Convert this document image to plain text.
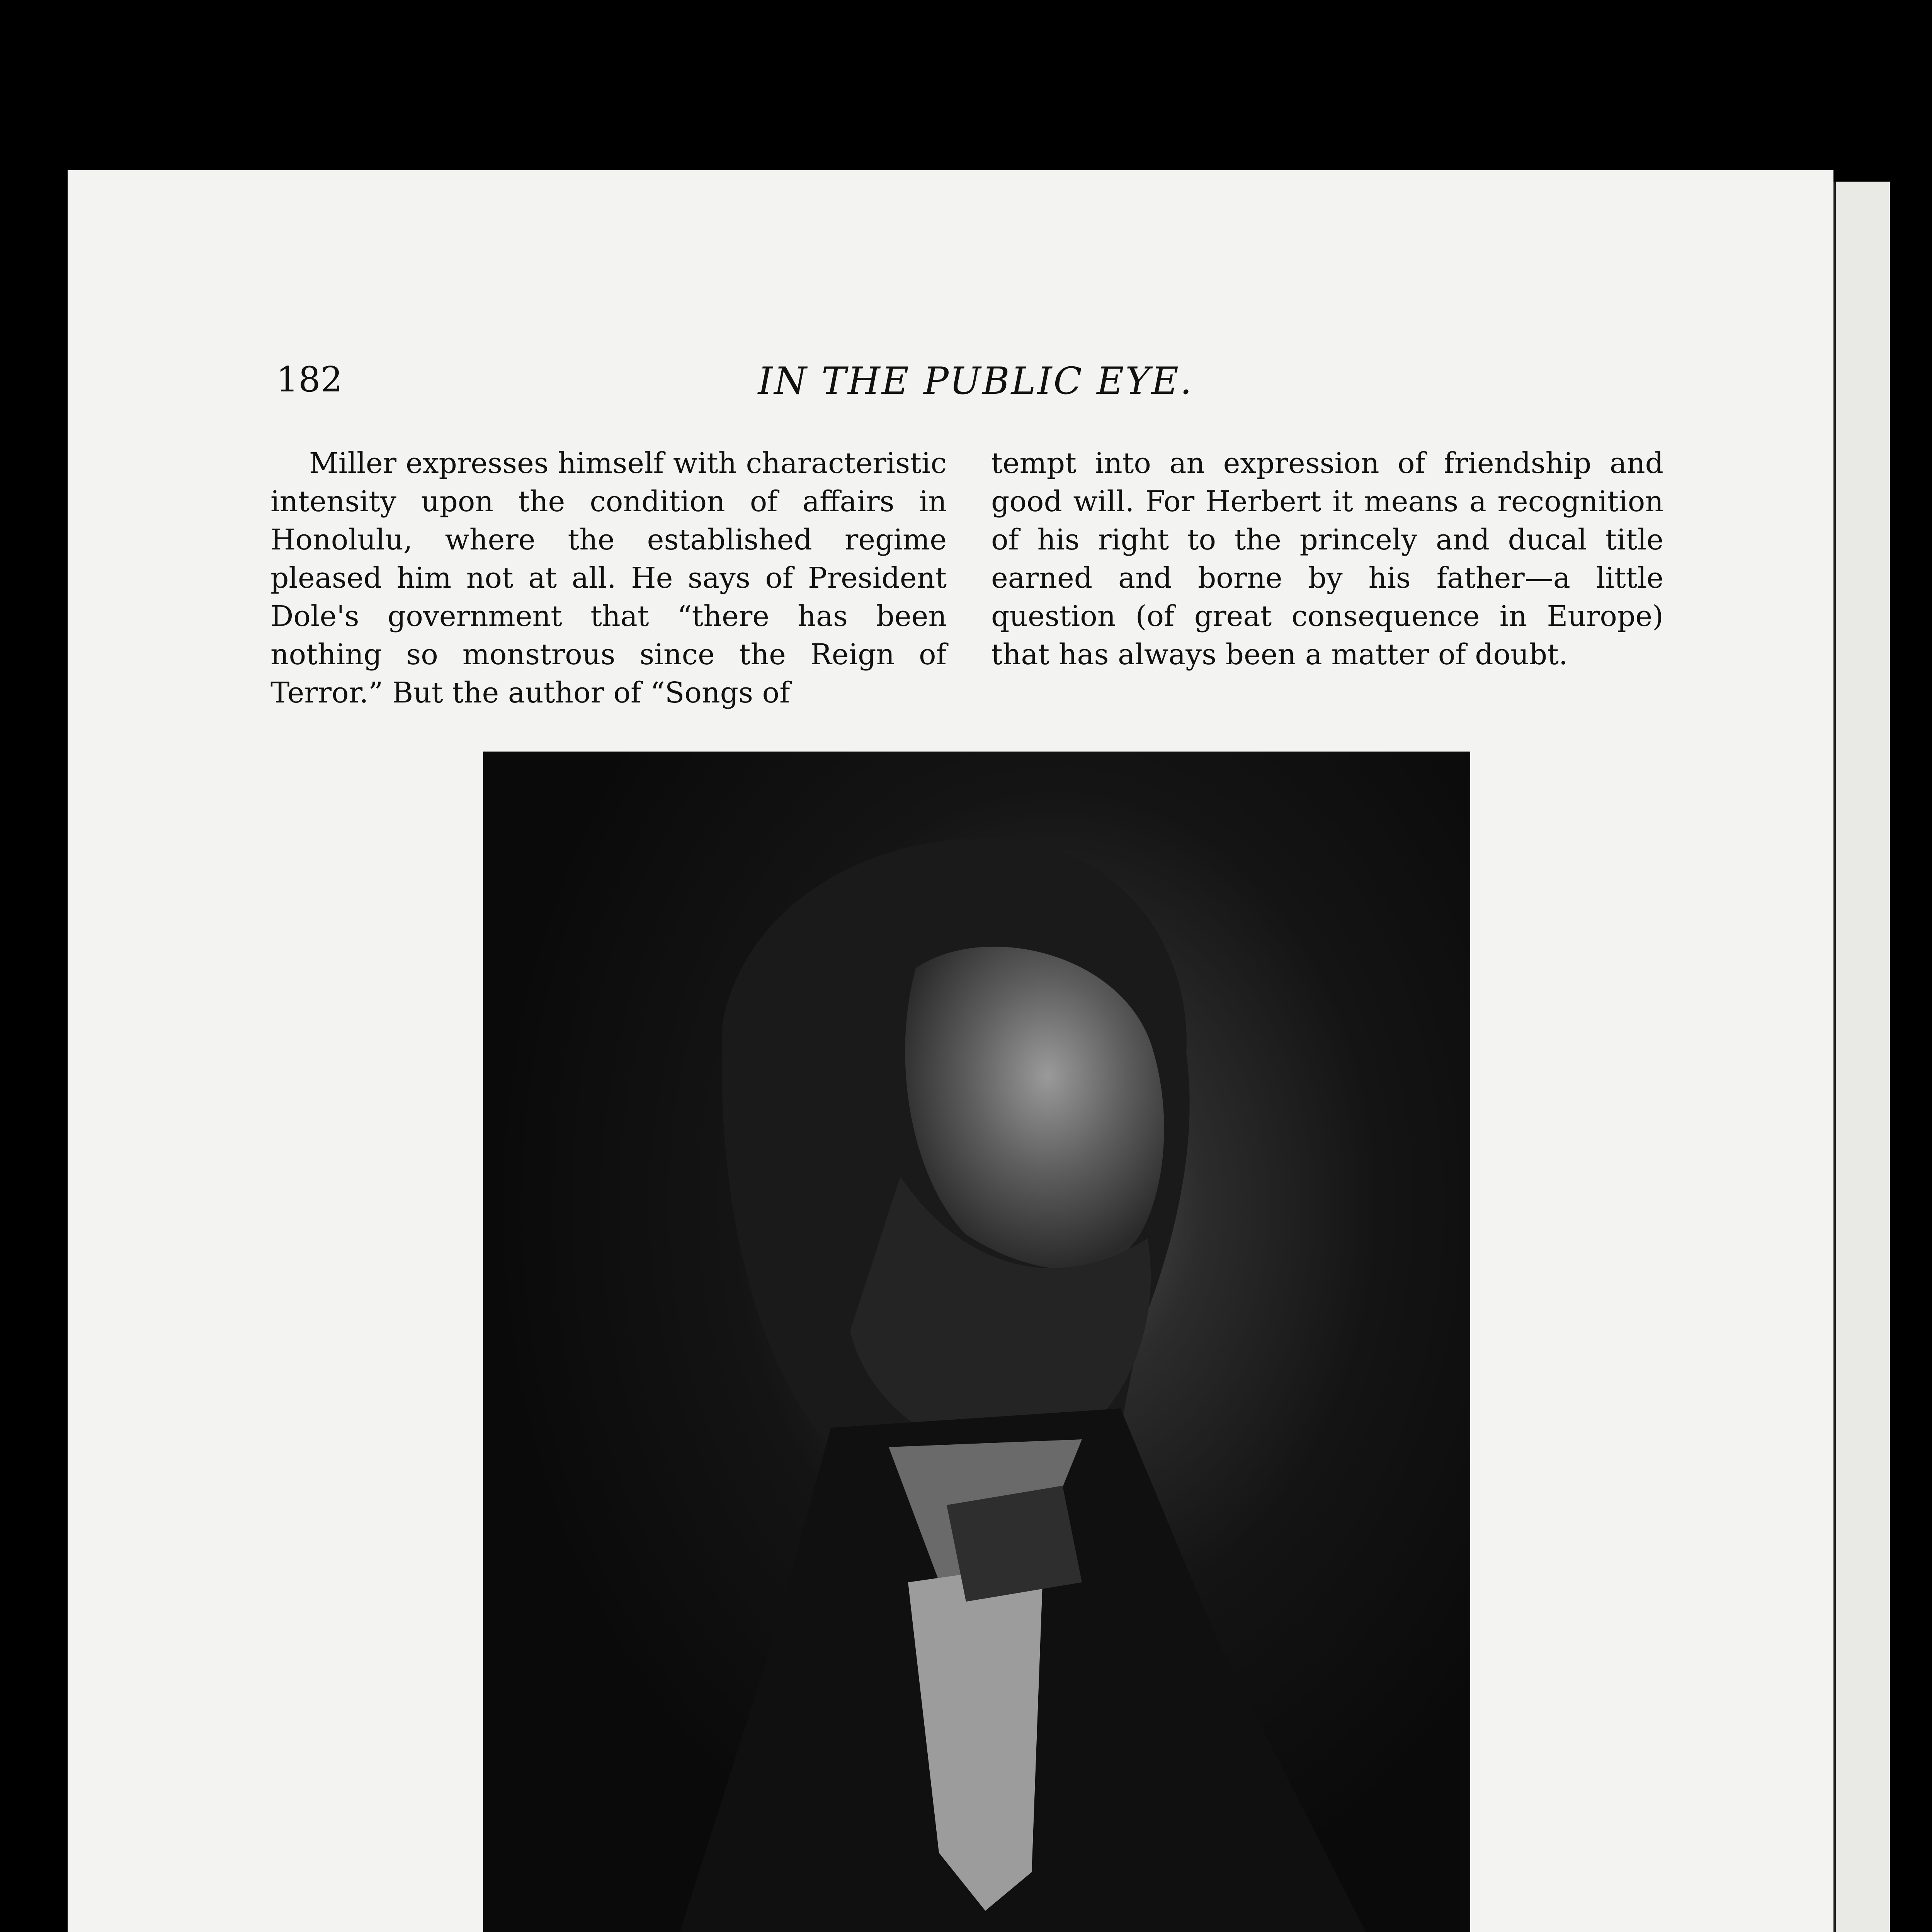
182	IN THE PUBLIC EYE.

Miller expresses himself with characteristic intensity upon the condition of affairs in Honolulu, where the established regime pleased him not at all. He says of President Dole's government that “there has been nothing so monstrous since the Reign of Terror.” But the author of “Songs of

tempt into an expression of friendship and good will. For Herbert it means a recognition of his right to the princely and ducal title earned and borne by his father—a little question (of great consequence in Europe) that has always been a matter of doubt.
